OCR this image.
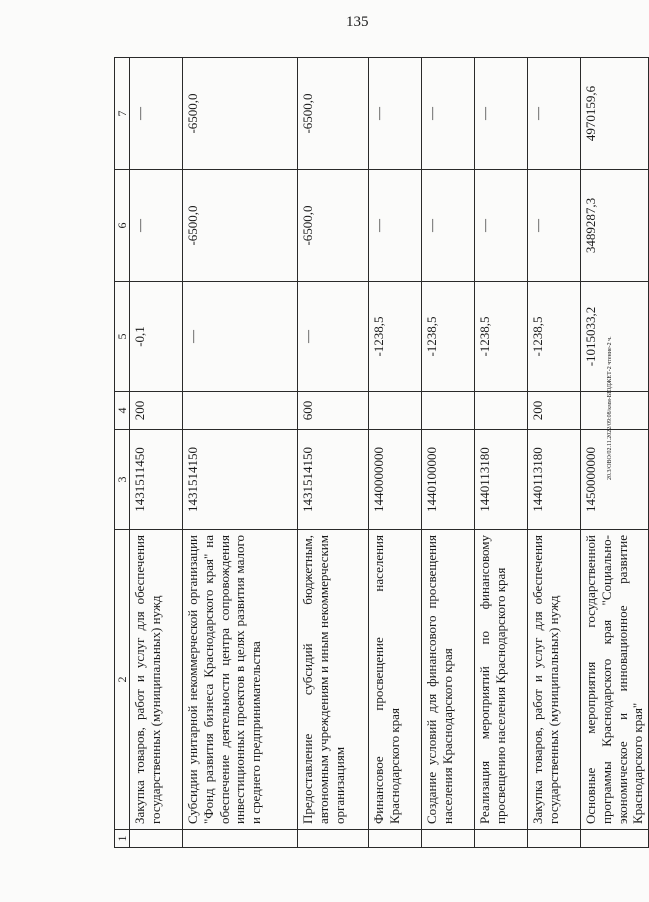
135
20.3/ОВО/02.11.2022/09:08/кмм-БЮДЖЕТ-2 чтение-2 ч.
1	2	3	4	5	6	7
	Закупка товаров, работ и услуг для обеспечения государственных (муниципальных) нужд	1431511450	200	-0,1	—	—
	Субсидии унитарной некоммерческой организации "Фонд развития бизнеса Краснодарского края" на обеспечение деятельности центра сопровождения инвестиционных проектов в целях развития малого и среднего предпринимательства	1431514150		—	-6500,0	-6500,0
	Предоставление субсидий бюджетным, автономным учреждениям и иным некоммерческим организациям	1431514150	600	—	-6500,0	-6500,0
	Финансовое просвещение населения Краснодарского края	1440000000		-1238,5	—	—
	Создание условий для финансового просвещения населения Краснодарского края	1440100000		-1238,5	—	—
	Реализация мероприятий по финансовому просвещению населения Краснодарского края	1440113180		-1238,5	—	—
	Закупка товаров, работ и услуг для обеспечения государственных (муниципальных) нужд	1440113180	200	-1238,5	—	—
	Основные мероприятия государственной программы Краснодарского края "Социально-экономическое и инновационное развитие Краснодарского края"	1450000000		-1015033,2	3489287,3	4970159,6
